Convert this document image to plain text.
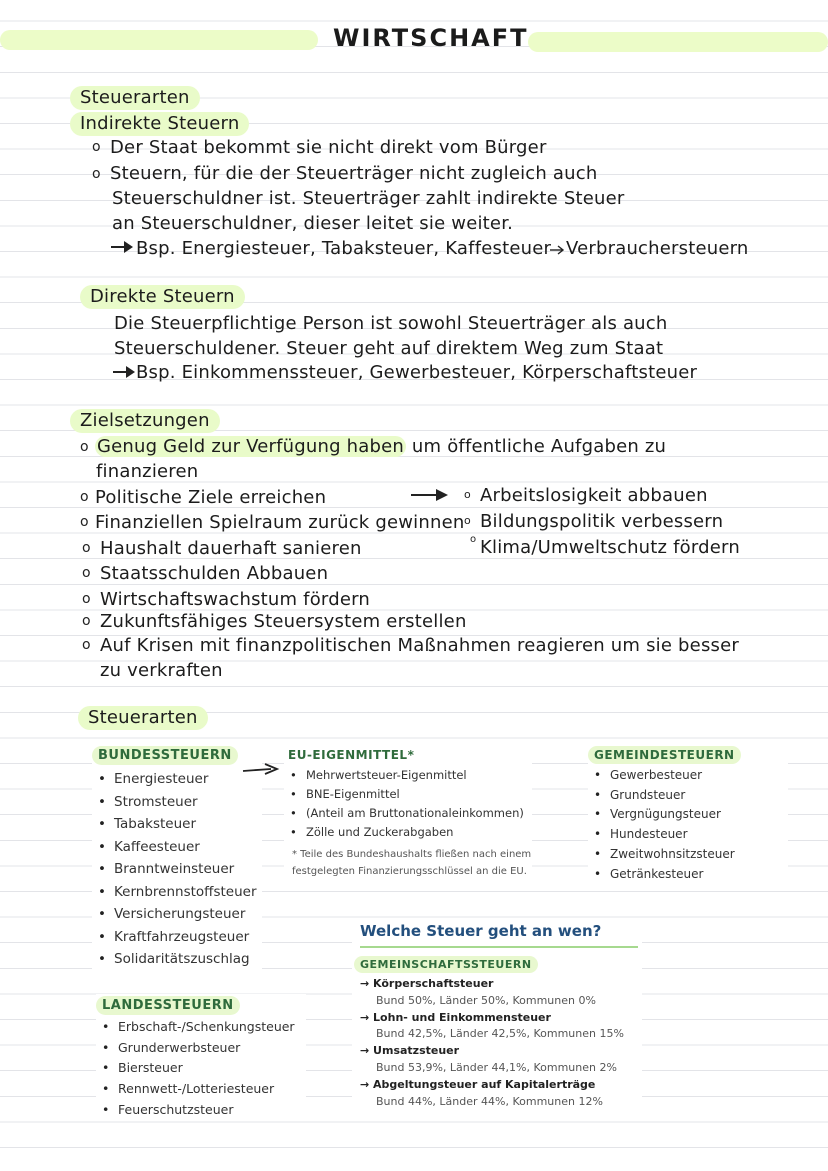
WIRTSCHAFT
Steuerarten
Indirekte Steuern
o Der Staat bekommt sie nicht direkt vom Bürger
o Steuern, für die der Steuerträger nicht zugleich auch
Steuerschuldner ist. Steuerträger zahlt indirekte Steuer
an Steuerschuldner, dieser leitet sie weiter.
Bsp. Energiesteuer, Tabaksteuer, Kaffesteuer Verbrauchersteuern
Direkte Steuern
Die Steuerpflichtige Person ist sowohl Steuerträger als auch
Steuerschuldener. Steuer geht auf direktem Weg zum Staat
Bsp. Einkommenssteuer, Gewerbesteuer, Körperschaftsteuer
Zielsetzungen
o Genug Geld zur Verfügung haben um öffentliche Aufgaben zu
finanzieren
o Politische Ziele erreichen
o Finanziellen Spielraum zurück gewinnen
o Haushalt dauerhaft sanieren
o Staatsschulden Abbauen
o Wirtschaftswachstum fördern
o Zukunftsfähiges Steuersystem erstellen
o Auf Krisen mit finanzpolitischen Maßnahmen reagieren um sie besser
zu verkraften
o Arbeitslosigkeit abbauen
o Bildungspolitik verbessern
o Klima/Umweltschutz fördern
Steuerarten
BUNDESSTEUERN
• Energiesteuer
• Stromsteuer
• Tabaksteuer
• Kaffeesteuer
• Branntweinsteuer
• Kernbrennstoffsteuer
• Versicherungsteuer
• Kraftfahrzeugsteuer
• Solidaritätszuschlag
EU-EIGENMITTEL*
• Mehrwertsteuer-Eigenmittel
• BNE-Eigenmittel
• (Anteil am Bruttonationaleinkommen)
• Zölle und Zuckerabgaben
* Teile des Bundeshaushalts fließen nach einem
festgelegten Finanzierungsschlüssel an die EU.
GEMEINDESTEUERN
• Gewerbesteuer
• Grundsteuer
• Vergnügungsteuer
• Hundesteuer
• Zweitwohnsitzsteuer
• Getränkesteuer
LANDESSTEUERN
• Erbschaft-/Schenkungsteuer
• Grunderwerbsteuer
• Biersteuer
• Rennwett-/Lotteriesteuer
• Feuerschutzsteuer
Welche Steuer geht an wen?
GEMEINSCHAFTSSTEUERN
→ Körperschaftsteuer
Bund 50%, Länder 50%, Kommunen 0%
→ Lohn- und Einkommensteuer
Bund 42,5%, Länder 42,5%, Kommunen 15%
→ Umsatzsteuer
Bund 53,9%, Länder 44,1%, Kommunen 2%
→ Abgeltungsteuer auf Kapitalerträge
Bund 44%, Länder 44%, Kommunen 12%
